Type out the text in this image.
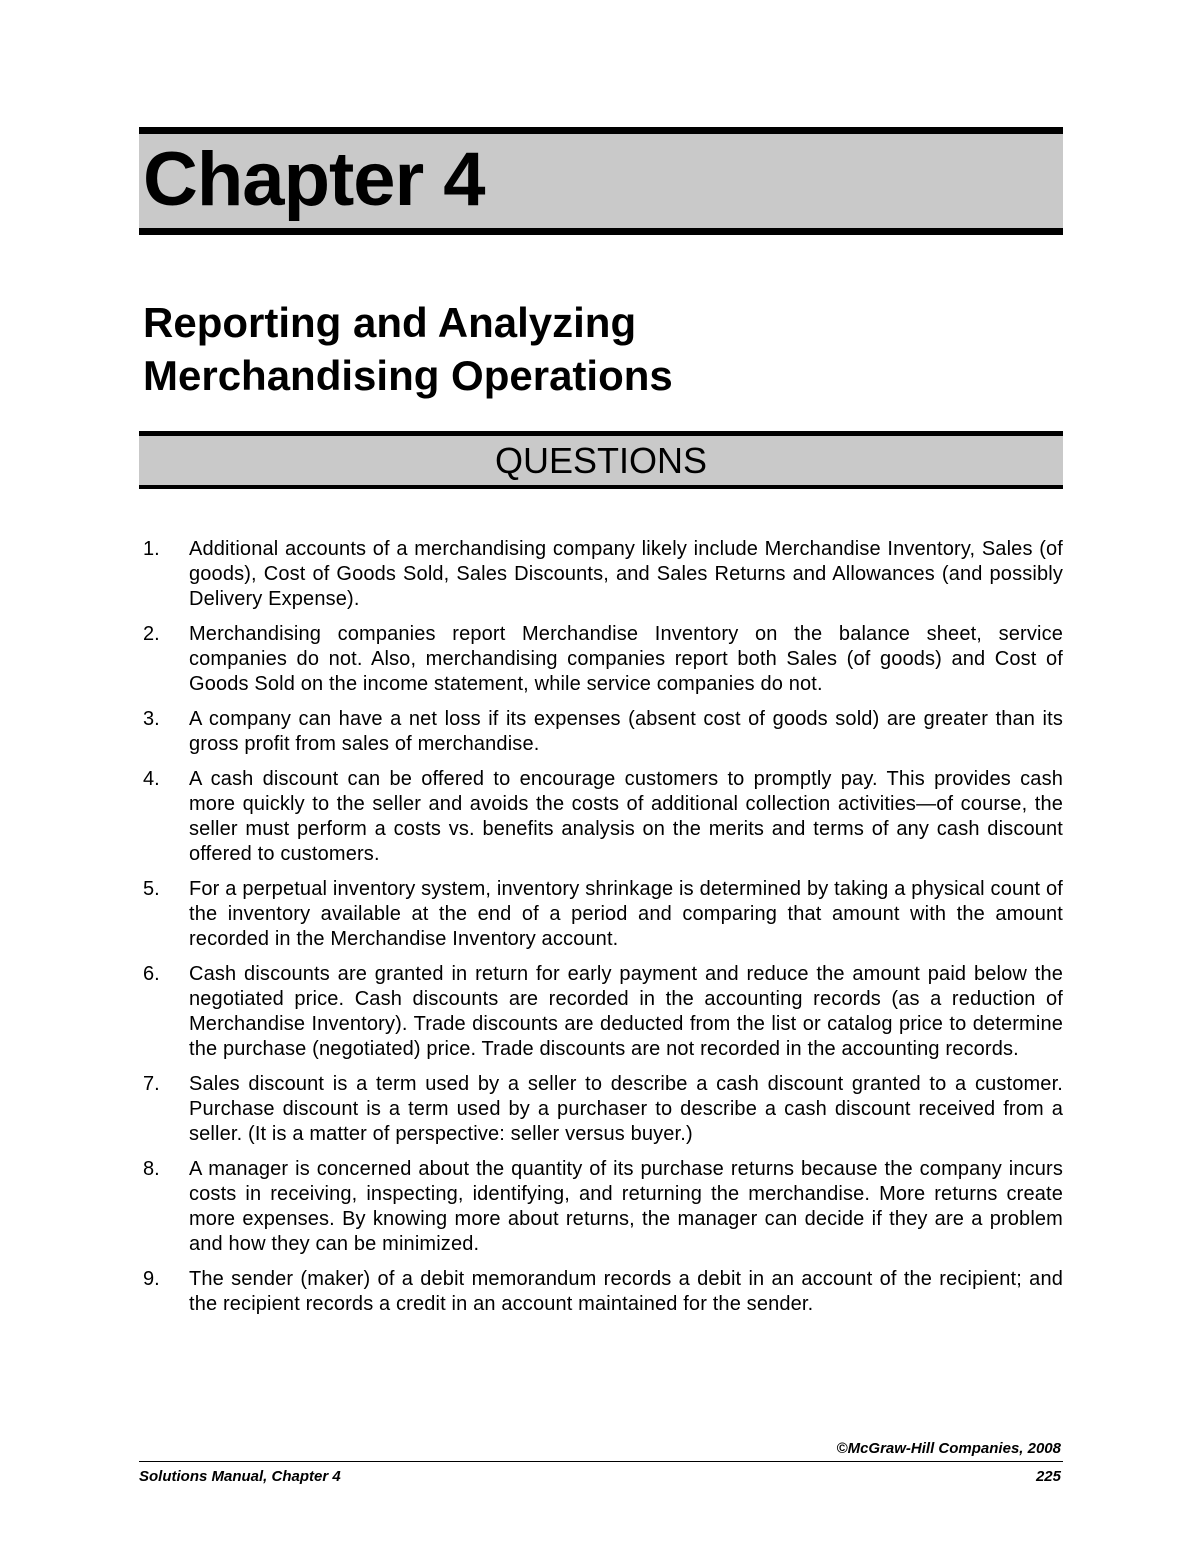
Chapter 4
Reporting and Analyzing
Merchandising Operations
QUESTIONS
1. Additional accounts of a merchandising company likely include Merchandise Inventory, Sales (of goods), Cost of Goods Sold, Sales Discounts, and Sales Returns and Allowances (and possibly Delivery Expense).
2. Merchandising companies report Merchandise Inventory on the balance sheet, service companies do not. Also, merchandising companies report both Sales (of goods) and Cost of Goods Sold on the income statement, while service companies do not.
3. A company can have a net loss if its expenses (absent cost of goods sold) are greater than its gross profit from sales of merchandise.
4. A cash discount can be offered to encourage customers to promptly pay. This provides cash more quickly to the seller and avoids the costs of additional collection activities—of course, the seller must perform a costs vs. benefits analysis on the merits and terms of any cash discount offered to customers.
5. For a perpetual inventory system, inventory shrinkage is determined by taking a physical count of the inventory available at the end of a period and comparing that amount with the amount recorded in the Merchandise Inventory account.
6. Cash discounts are granted in return for early payment and reduce the amount paid below the negotiated price. Cash discounts are recorded in the accounting records (as a reduction of Merchandise Inventory). Trade discounts are deducted from the list or catalog price to determine the purchase (negotiated) price. Trade discounts are not recorded in the accounting records.
7. Sales discount is a term used by a seller to describe a cash discount granted to a customer. Purchase discount is a term used by a purchaser to describe a cash discount received from a seller. (It is a matter of perspective: seller versus buyer.)
8. A manager is concerned about the quantity of its purchase returns because the company incurs costs in receiving, inspecting, identifying, and returning the merchandise. More returns create more expenses. By knowing more about returns, the manager can decide if they are a problem and how they can be minimized.
9. The sender (maker) of a debit memorandum records a debit in an account of the recipient; and the recipient records a credit in an account maintained for the sender.
©McGraw-Hill Companies, 2008
Solutions Manual, Chapter 4	225
